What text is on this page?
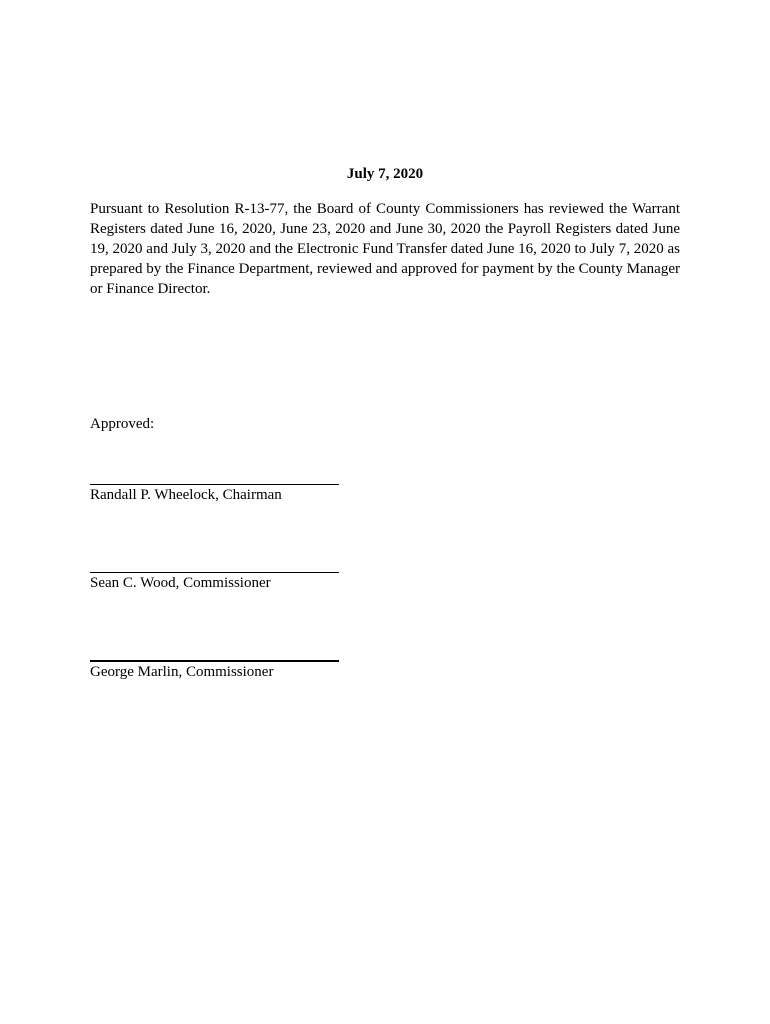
July 7, 2020

Pursuant to Resolution R-13-77, the Board of County Commissioners has reviewed the Warrant Registers dated June 16, 2020, June 23, 2020 and June 30, 2020 the Payroll Registers dated June 19, 2020 and July 3, 2020 and the Electronic Fund Transfer dated June 16, 2020 to July 7, 2020 as prepared by the Finance Department, reviewed and approved for payment by the County Manager or Finance Director.

Approved:
Randall P. Wheelock, Chairman
Sean C. Wood, Commissioner
George Marlin, Commissioner
